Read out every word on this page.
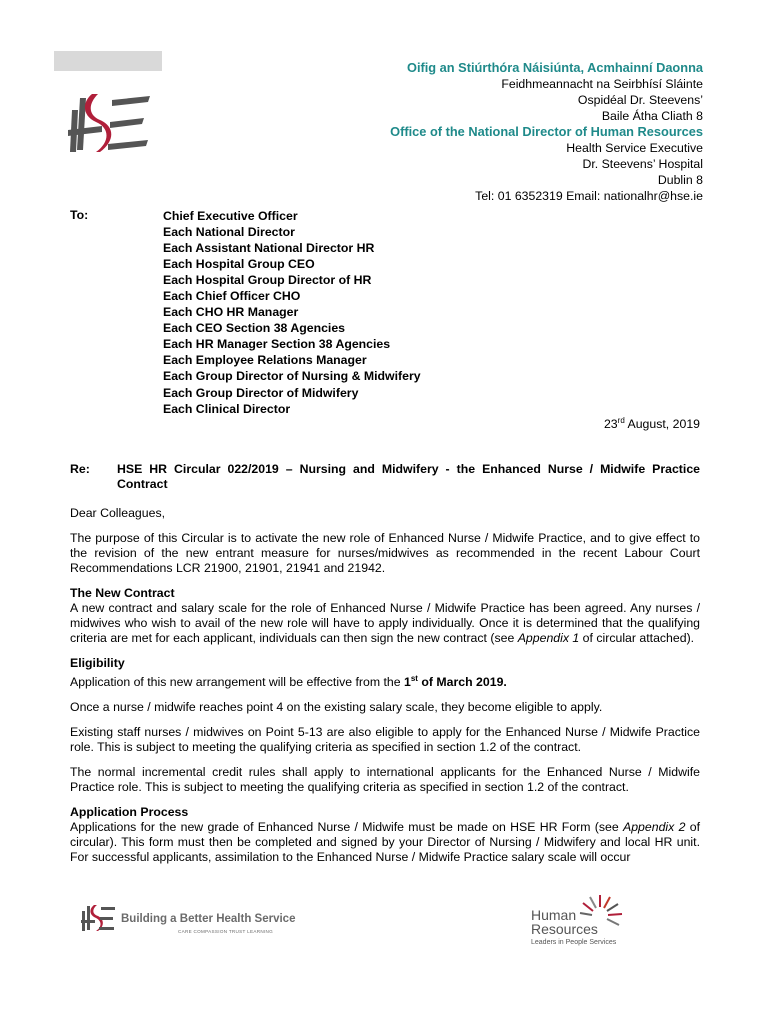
Oifig an Stiúrthóra Náisiúnta, Acmhainní Daonna
Feidhmeannacht na Seirbhísí Sláinte
Ospidéal Dr. Steevens’
Baile Átha Cliath 8
Office of the National Director of Human Resources
Health Service Executive
Dr. Steevens’ Hospital
Dublin 8
Tel: 01 6352319 Email: nationalhr@hse.ie
To:	Chief Executive Officer
Each National Director
Each Assistant National Director HR
Each Hospital Group CEO
Each Hospital Group Director of HR
Each Chief Officer CHO
Each CHO HR Manager
Each CEO Section 38 Agencies
Each HR Manager Section 38 Agencies
Each Employee Relations Manager
Each Group Director of Nursing & Midwifery
Each Group Director of Midwifery
Each Clinical Director
23rd August, 2019
Re: HSE HR Circular 022/2019 – Nursing and Midwifery - the Enhanced Nurse / Midwife Practice Contract

Dear Colleagues,

The purpose of this Circular is to activate the new role of Enhanced Nurse / Midwife Practice, and to give effect to the revision of the new entrant measure for nurses/midwives as recommended in the recent Labour Court Recommendations LCR 21900, 21901, 21941 and 21942.

The New Contract

A new contract and salary scale for the role of Enhanced Nurse / Midwife Practice has been agreed. Any nurses / midwives who wish to avail of the new role will have to apply individually. Once it is determined that the qualifying criteria are met for each applicant, individuals can then sign the new contract (see Appendix 1 of circular attached).

Eligibility

Application of this new arrangement will be effective from the 1st of March 2019.

Once a nurse / midwife reaches point 4 on the existing salary scale, they become eligible to apply.

Existing staff nurses / midwives on Point 5-13 are also eligible to apply for the Enhanced Nurse / Midwife Practice role. This is subject to meeting the qualifying criteria as specified in section 1.2 of the contract.

The normal incremental credit rules shall apply to international applicants for the Enhanced Nurse / Midwife Practice role. This is subject to meeting the qualifying criteria as specified in section 1.2 of the contract.

Application Process

Applications for the new grade of Enhanced Nurse / Midwife must be made on HSE HR Form (see Appendix 2 of circular). This form must then be completed and signed by your Director of Nursing / Midwifery and local HR unit. For successful applicants, assimilation to the Enhanced Nurse / Midwife Practice salary scale will occur

Building a Better Health Service
CARE COMPASSION TRUST LEARNING
Human
Resources
Leaders in People Services
